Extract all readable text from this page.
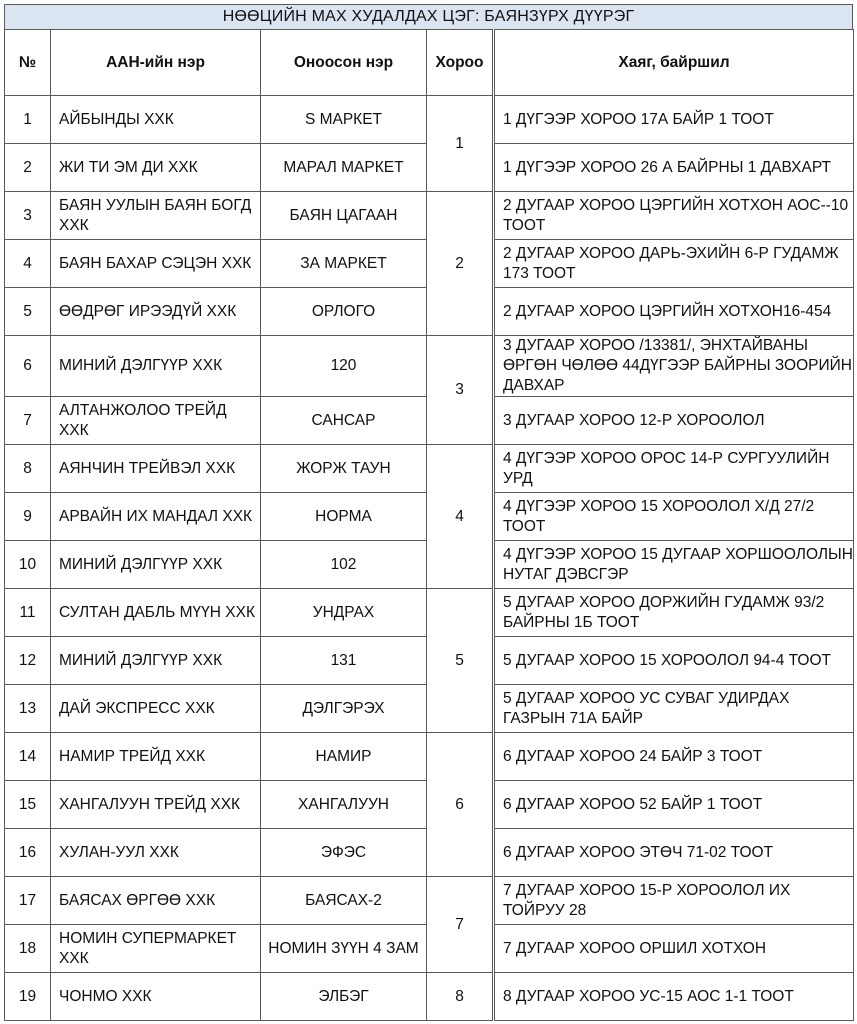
НӨӨЦИЙН МАХ ХУДАЛДАХ ЦЭГ: БАЯНЗҮРХ ДҮҮРЭГ
№	ААН-ийн нэр	Оноосон нэр	Хороо	Хаяг, байршил
1	АЙБЫНДЫ ХХК	S МАРКЕТ	1	1 ДҮГЭЭР ХОРОО 17А БАЙР 1 ТООТ
2	ЖИ ТИ ЭМ ДИ ХХК	МАРАЛ МАРКЕТ		1 ДҮГЭЭР ХОРОО 26 А БАЙРНЫ 1 ДАВХАРТ
3	БАЯН УУЛЫН БАЯН БОГД ХХК	БАЯН ЦАГААН	2	2 ДУГААР ХОРОО ЦЭРГИЙН ХОТХОН АОС--10 ТООТ
4	БАЯН БАХАР СЭЦЭН ХХК	ЗА МАРКЕТ		2 ДУГААР ХОРОО ДАРЬ-ЭХИЙН 6-Р ГУДАМЖ 173 ТООТ
5	ӨӨДРӨГ ИРЭЭДҮЙ ХХК	ОРЛОГО		2 ДУГААР ХОРОО ЦЭРГИЙН ХОТХОН16-454
6	МИНИЙ ДЭЛГҮҮР ХХК	120	3	3 ДУГААР ХОРОО /13381/, ЭНХТАЙВАНЫ ӨРГӨН ЧӨЛӨӨ 44ДҮГЭЭР БАЙРНЫ ЗООРИЙН ДАВХАР
7	АЛТАНЖОЛОО ТРЕЙД ХХК	САНСАР		3 ДУГААР ХОРОО 12-Р ХОРООЛОЛ
8	АЯНЧИН ТРЕЙВЭЛ ХХК	ЖОРЖ ТАУН	4	4 ДҮГЭЭР ХОРОО ОРОС 14-Р СУРГУУЛИЙН УРД
9	АРВАЙН ИХ МАНДАЛ ХХК	НОРМА		4 ДҮГЭЭР ХОРОО 15 ХОРООЛОЛ Х/Д 27/2 ТООТ
10	МИНИЙ ДЭЛГҮҮР ХХК	102		4 ДҮГЭЭР ХОРОО 15 ДУГААР ХОРШООЛОЛЫН НУТАГ ДЭВСГЭР
11	СУЛТАН ДАБЛЬ МҮҮН ХХК	УНДРАХ	5	5 ДУГААР ХОРОО ДОРЖИЙН ГУДАМЖ 93/2 БАЙРНЫ 1Б ТООТ
12	МИНИЙ ДЭЛГҮҮР ХХК	131		5 ДУГААР ХОРОО 15 ХОРООЛОЛ 94-4 ТООТ
13	ДАЙ ЭКСПРЕСС ХХК	ДЭЛГЭРЭХ		5 ДУГААР ХОРОО УС СУВАГ УДИРДАХ ГАЗРЫН 71А БАЙР
14	НАМИР ТРЕЙД ХХК	НАМИР	6	6 ДУГААР ХОРОО 24 БАЙР 3 ТООТ
15	ХАНГАЛУУН ТРЕЙД ХХК	ХАНГАЛУУН		6 ДУГААР ХОРОО 52 БАЙР 1 ТООТ
16	ХУЛАН-УУЛ ХХК	ЭФЭС		6 ДУГААР ХОРОО ЭТӨЧ 71-02 ТООТ
17	БАЯСАХ ӨРГӨӨ ХХК	БАЯСАХ-2	7	7 ДУГААР ХОРОО 15-Р ХОРООЛОЛ ИХ ТОЙРУУ 28
18	НОМИН СУПЕРМАРКЕТ ХХК	НОМИН ЗҮҮН 4 ЗАМ		7 ДУГААР ХОРОО ОРШИЛ ХОТХОН
19	ЧОНМО ХХК	ЭЛБЭГ	8	8 ДУГААР ХОРОО УС-15 АОС 1-1 ТООТ
